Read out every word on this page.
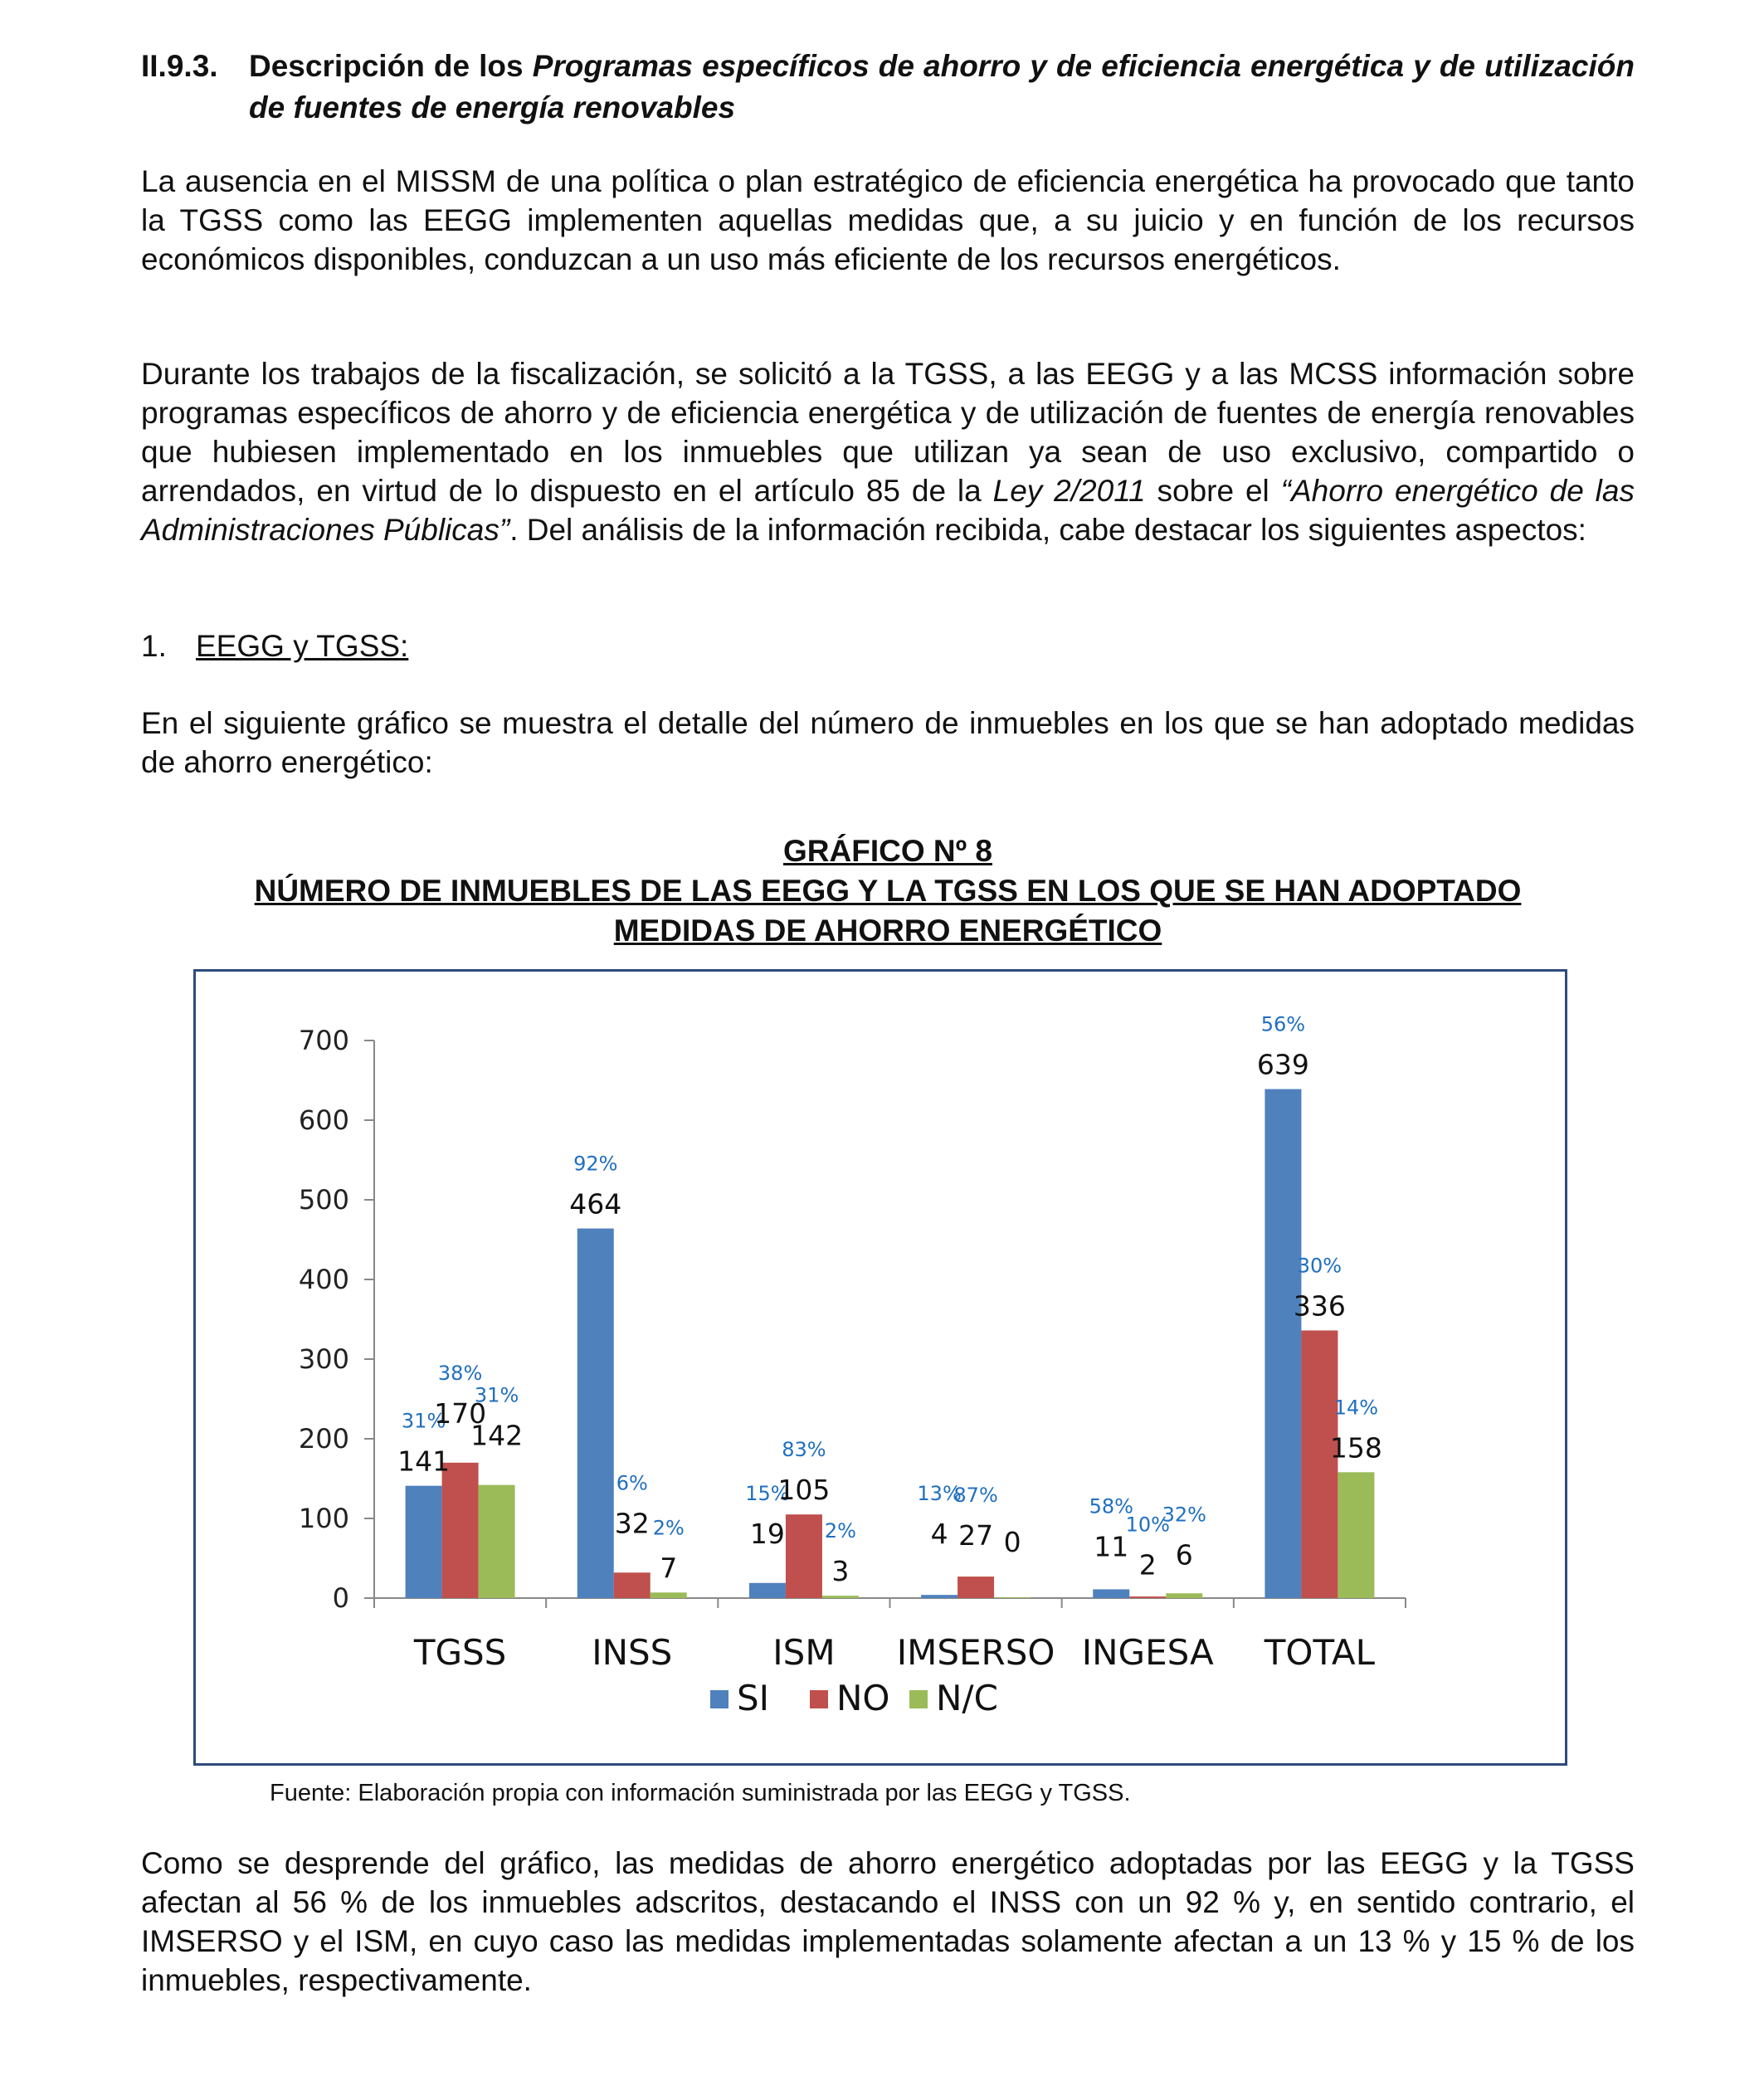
II.9.3. Descripción de los Programas específicos de ahorro y de eficiencia energética y de utilización de fuentes de energía renovables

La ausencia en el MISSM de una política o plan estratégico de eficiencia energética ha provocado que tanto la TGSS como las EEGG implementen aquellas medidas que, a su juicio y en función de los recursos económicos disponibles, conduzcan a un uso más eficiente de los recursos energéticos.

Durante los trabajos de la fiscalización, se solicitó a la TGSS, a las EEGG y a las MCSS información sobre programas específicos de ahorro y de eficiencia energética y de utilización de fuentes de energía renovables que hubiesen implementado en los inmuebles que utilizan ya sean de uso exclusivo, compartido o arrendados, en virtud de lo dispuesto en el artículo 85 de la Ley 2/2011 sobre el “Ahorro energético de las Administraciones Públicas”. Del análisis de la información recibida, cabe destacar los siguientes aspectos:

1. EEGG y TGSS:

En el siguiente gráfico se muestra el detalle del número de inmuebles en los que se han adoptado medidas de ahorro energético:

GRÁFICO Nº 8
NÚMERO DE INMUEBLES DE LAS EEGG Y LA TGSS EN LOS QUE SE HAN ADOPTADO
MEDIDAS DE AHORRO ENERGÉTICO
0
100
200
300
400
500
600
700
TGSS
141
31%
170
38%
142
31%
INSS
464
92%
32
6%
7
2%
ISM
19
15%
105
83%
3
2%
IMSERSO
4
13%
27
87%
0
INGESA
11
58%
2
10%
6
32%
TOTAL
639
56%
336
30%
158
14%
SI NO N/C
Fuente: Elaboración propia con información suministrada por las EEGG y TGSS.

Como se desprende del gráfico, las medidas de ahorro energético adoptadas por las EEGG y la TGSS afectan al 56 % de los inmuebles adscritos, destacando el INSS con un 92 % y, en sentido contrario, el IMSERSO y el ISM, en cuyo caso las medidas implementadas solamente afectan a un 13 % y 15 % de los inmuebles, respectivamente.
